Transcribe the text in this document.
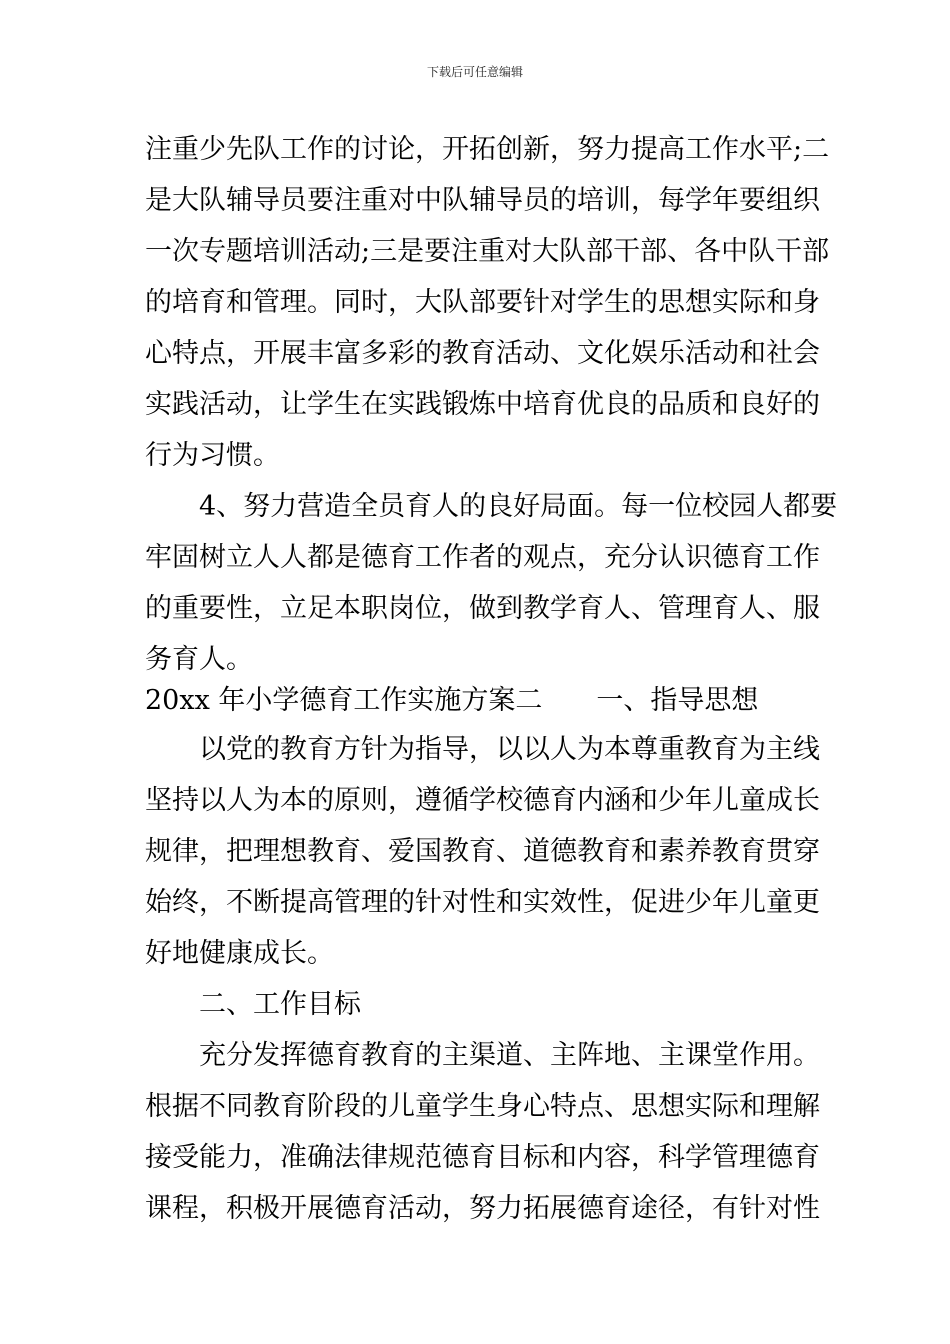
下载后可任意编辑
注重少先队工作的讨论，开拓创新，努力提高工作水平;二
是大队辅导员要注重对中队辅导员的培训，每学年要组织
一次专题培训活动;三是要注重对大队部干部、各中队干部
的培育和管理。同时，大队部要针对学生的思想实际和身
心特点，开展丰富多彩的教育活动、文化娱乐活动和社会
实践活动，让学生在实践锻炼中培育优良的品质和良好的
行为习惯。
　　4、努力营造全员育人的良好局面。每一位校园人都要
牢固树立人人都是德育工作者的观点，充分认识德育工作
的重要性，立足本职岗位，做到教学育人、管理育人、服
务育人。
20xx 年小学德育工作实施方案二　　一、指导思想
　　以党的教育方针为指导，以以人为本尊重教育为主线
坚持以人为本的原则，遵循学校德育内涵和少年儿童成长
规律，把理想教育、爱国教育、道德教育和素养教育贯穿
始终，不断提高管理的针对性和实效性，促进少年儿童更
好地健康成长。
　　二、工作目标
　　充分发挥德育教育的主渠道、主阵地、主课堂作用。
根据不同教育阶段的儿童学生身心特点、思想实际和理解
接受能力，准确法律规范德育目标和内容，科学管理德育
课程，积极开展德育活动，努力拓展德育途径，有针对性
